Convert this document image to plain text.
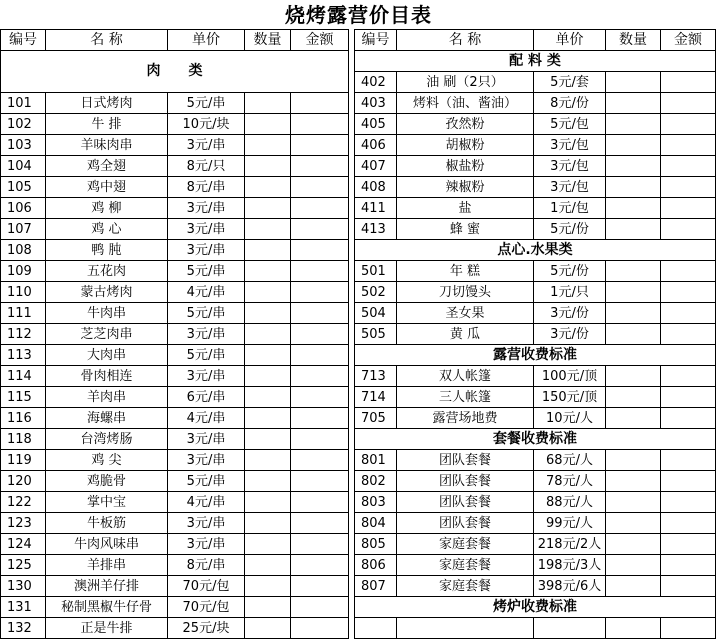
烧烤露营价目表
编号	名 称	单价	数量	金额		编号	名 称	单价	数量	金额
肉　　类						配 料 类				
						402	油 刷（2只）	5元/套		
101	日式烤肉	5元/串				403	烤料（油、酱油）	8元/份		
102	牛 排	10元/块				405	孜然粉	5元/包		
103	羊味肉串	3元/串				406	胡椒粉	3元/包		
104	鸡全翅	8元/只				407	椒盐粉	3元/包		
105	鸡中翅	8元/串				408	辣椒粉	3元/包		
106	鸡 柳	3元/串				411	盐	1元/包		
107	鸡 心	3元/串				413	蜂 蜜	5元/份		
108	鸭 肫	3元/串				点心.水果类				
109	五花肉	5元/串				501	年 糕	5元/份		
110	蒙古烤肉	4元/串				502	刀切馒头	1元/只		
111	牛肉串	5元/串				504	圣女果	3元/份		
112	芝芝肉串	3元/串				505	黄 瓜	3元/份		
113	大肉串	5元/串				露营收费标准				
114	骨肉相连	3元/串				713	双人帐篷	100元/顶		
115	羊肉串	6元/串				714	三人帐篷	150元/顶		
116	海螺串	4元/串				705	露营场地费	10元/人		
118	台湾烤肠	3元/串				套餐收费标准				
119	鸡 尖	3元/串				801	团队套餐	68元/人		
120	鸡脆骨	5元/串				802	团队套餐	78元/人		
122	掌中宝	4元/串				803	团队套餐	88元/人		
123	牛板筋	3元/串				804	团队套餐	99元/人		
124	牛肉风味串	3元/串				805	家庭套餐	218元/2人		
125	羊排串	8元/串				806	家庭套餐	198元/3人		
130	澳洲羊仔排	70元/包				807	家庭套餐	398元/6人		
131	秘制黑椒牛仔骨	70元/包				烤炉收费标准				
132	正是牛排	25元/块								
